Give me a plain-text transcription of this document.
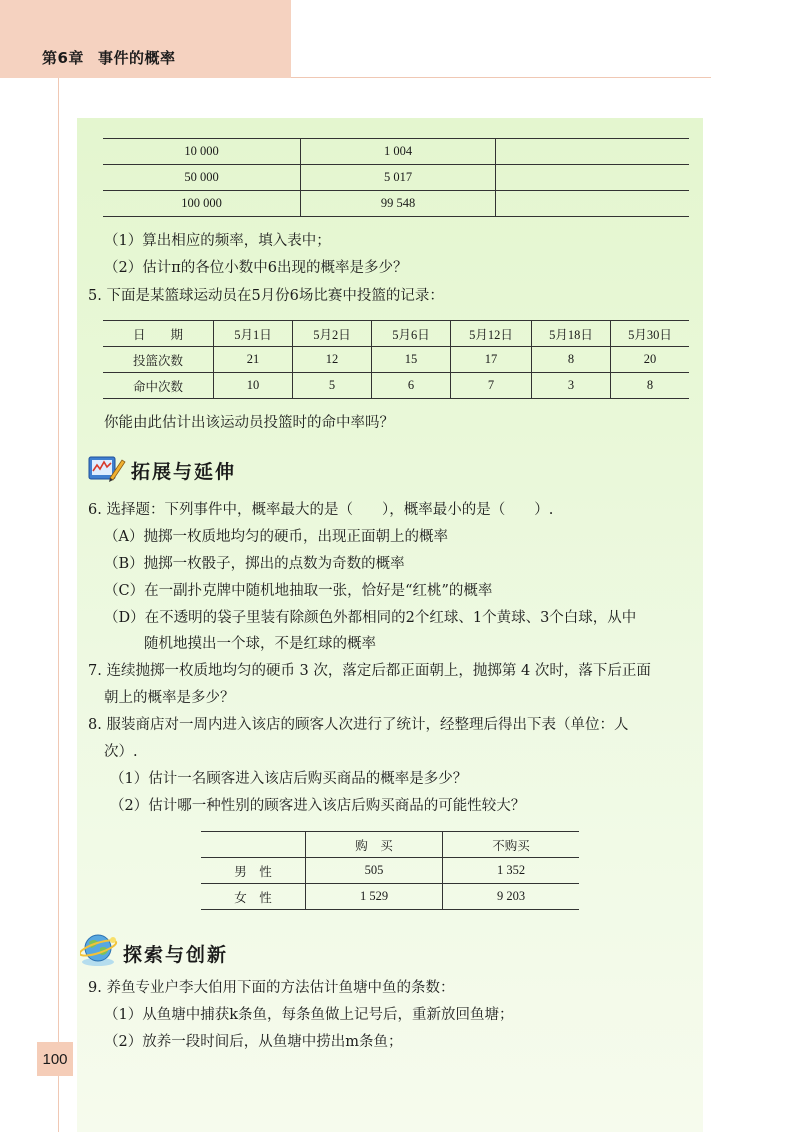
第6章 事件的概率
10 000	1 004	
50 000	5 017	
100 000	99 548	
（1）算出相应的频率，填入表中；
（2）估计π的各位小数中6出现的概率是多少？
5. 下面是某篮球运动员在5月份6场比赛中投篮的记录：
日　　期	5月1日	5月2日	5月6日	5月12日	5月18日	5月30日
投篮次数	21	12	15	17	8	20
命中次数	10	5	6	7	3	8
你能由此估计出该运动员投篮时的命中率吗？
拓展与延伸
6. 选择题：下列事件中，概率最大的是（　　），概率最小的是（　　）.
（A）抛掷一枚质地均匀的硬币，出现正面朝上的概率
（B）抛掷一枚骰子，掷出的点数为奇数的概率
（C）在一副扑克牌中随机地抽取一张，恰好是“红桃”的概率
（D）在不透明的袋子里装有除颜色外都相同的2个红球、1个黄球、3个白球，从中
随机地摸出一个球，不是红球的概率
7. 连续抛掷一枚质地均匀的硬币 3 次，落定后都正面朝上，抛掷第 4 次时，落下后正面
朝上的概率是多少？
8. 服装商店对一周内进入该店的顾客人次进行了统计，经整理后得出下表（单位：人
次）.
（1）估计一名顾客进入该店后购买商品的概率是多少？
（2）估计哪一种性别的顾客进入该店后购买商品的可能性较大？
	购　买	不购买
男　性	505	1 352
女　性	1 529	9 203
探索与创新
9. 养鱼专业户李大伯用下面的方法估计鱼塘中鱼的条数：
（1）从鱼塘中捕获k条鱼，每条鱼做上记号后，重新放回鱼塘；
（2）放养一段时间后，从鱼塘中捞出m条鱼；
100
